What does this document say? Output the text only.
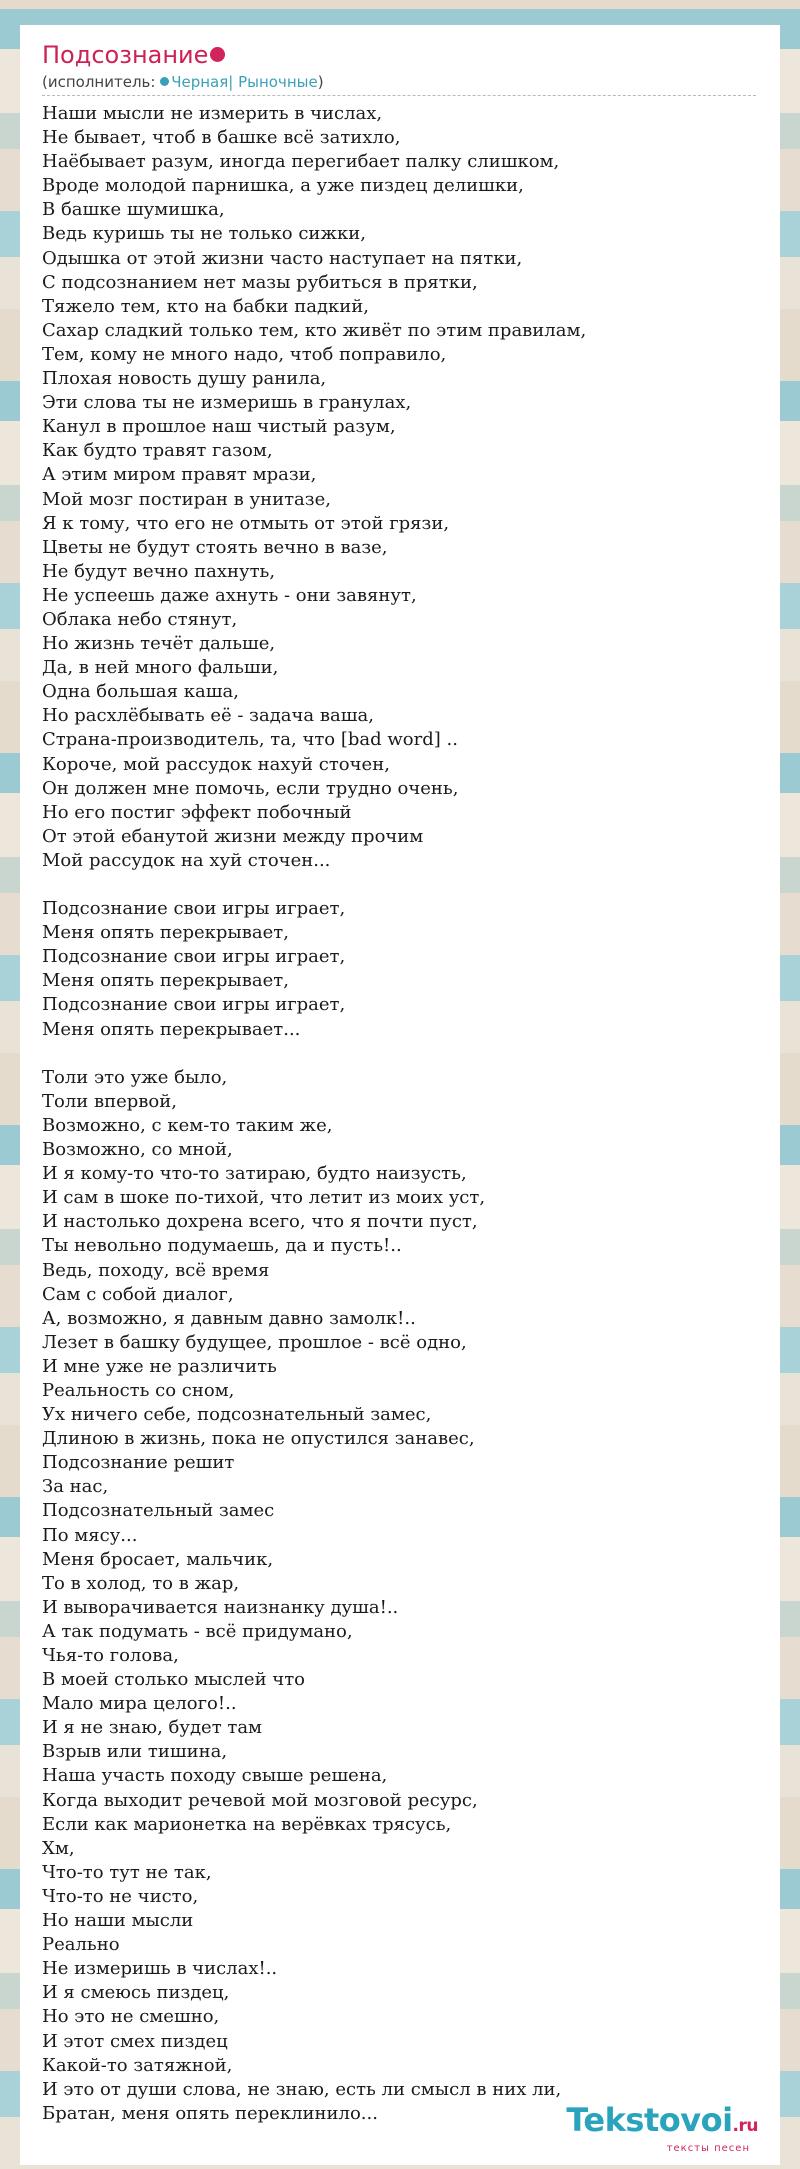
Подсознание
(исполнитель: Черная| Рыночные)
Наши мысли не измерить в числах,
Не бывает, чтоб в башке всё затихло,
Наёбывает разум, иногда перегибает палку слишком,
Вроде молодой парнишка, а уже пиздец делишки,
В башке шумишка,
Ведь куришь ты не только сижки,
Одышка от этой жизни часто наступает на пятки,
С подсознанием нет мазы рубиться в прятки,
Тяжело тем, кто на бабки падкий,
Сахар сладкий только тем, кто живёт по этим правилам,
Тем, кому не много надо, чтоб поправило,
Плохая новость душу ранила,
Эти слова ты не измеришь в гранулах,
Канул в прошлое наш чистый разум,
Как будто травят газом,
А этим миром правят мрази,
Мой мозг постиран в унитазе,
Я к тому, что его не отмыть от этой грязи,
Цветы не будут стоять вечно в вазе,
Не будут вечно пахнуть,
Не успеешь даже ахнуть - они завянут,
Облака небо стянут,
Но жизнь течёт дальше,
Да, в ней много фальши,
Одна большая каша,
Но расхлёбывать её - задача ваша,
Страна-производитель, та, что [bad word] ..
Короче, мой рассудок нахуй сточен,
Он должен мне помочь, если трудно очень,
Но его постиг эффект побочный
От этой ебанутой жизни между прочим
Мой рассудок на хуй сточен...

Подсознание свои игры играет,
Меня опять перекрывает,
Подсознание свои игры играет,
Меня опять перекрывает,
Подсознание свои игры играет,
Меня опять перекрывает...

Толи это уже было,
Толи впервой,
Возможно, с кем-то таким же,
Возможно, со мной,
И я кому-то что-то затираю, будто наизусть,
И сам в шоке по-тихой, что летит из моих уст,
И настолько дохрена всего, что я почти пуст,
Ты невольно подумаешь, да и пусть!..
Ведь, походу, всё время
Сам с собой диалог,
А, возможно, я давным давно замолк!..
Лезет в башку будущее, прошлое - всё одно,
И мне уже не различить
Реальность со сном,
Ух ничего себе, подсознательный замес,
Длиною в жизнь, пока не опустился занавес,
Подсознание решит
За нас,
Подсознательный замес
По мясу...
Меня бросает, мальчик,
То в холод, то в жар,
И выворачивается наизнанку душа!..
А так подумать - всё придумано,
Чья-то голова,
В моей столько мыслей что
Мало мира целого!..
И я не знаю, будет там
Взрыв или тишина,
Наша участь походу свыше решена,
Когда выходит речевой мой мозговой ресурс,
Если как марионетка на верёвках трясусь,
Хм,
Что-то тут не так,
Что-то не чисто,
Но наши мысли
Реально
Не измеришь в числах!..
И я смеюсь пиздец,
Но это не смешно,
И этот смех пиздец
Какой-то затяжной,
И это от души слова, не знаю, есть ли смысл в них ли,
Братан, меня опять переклинило...	Tekstovoi.ru
тексты песен
